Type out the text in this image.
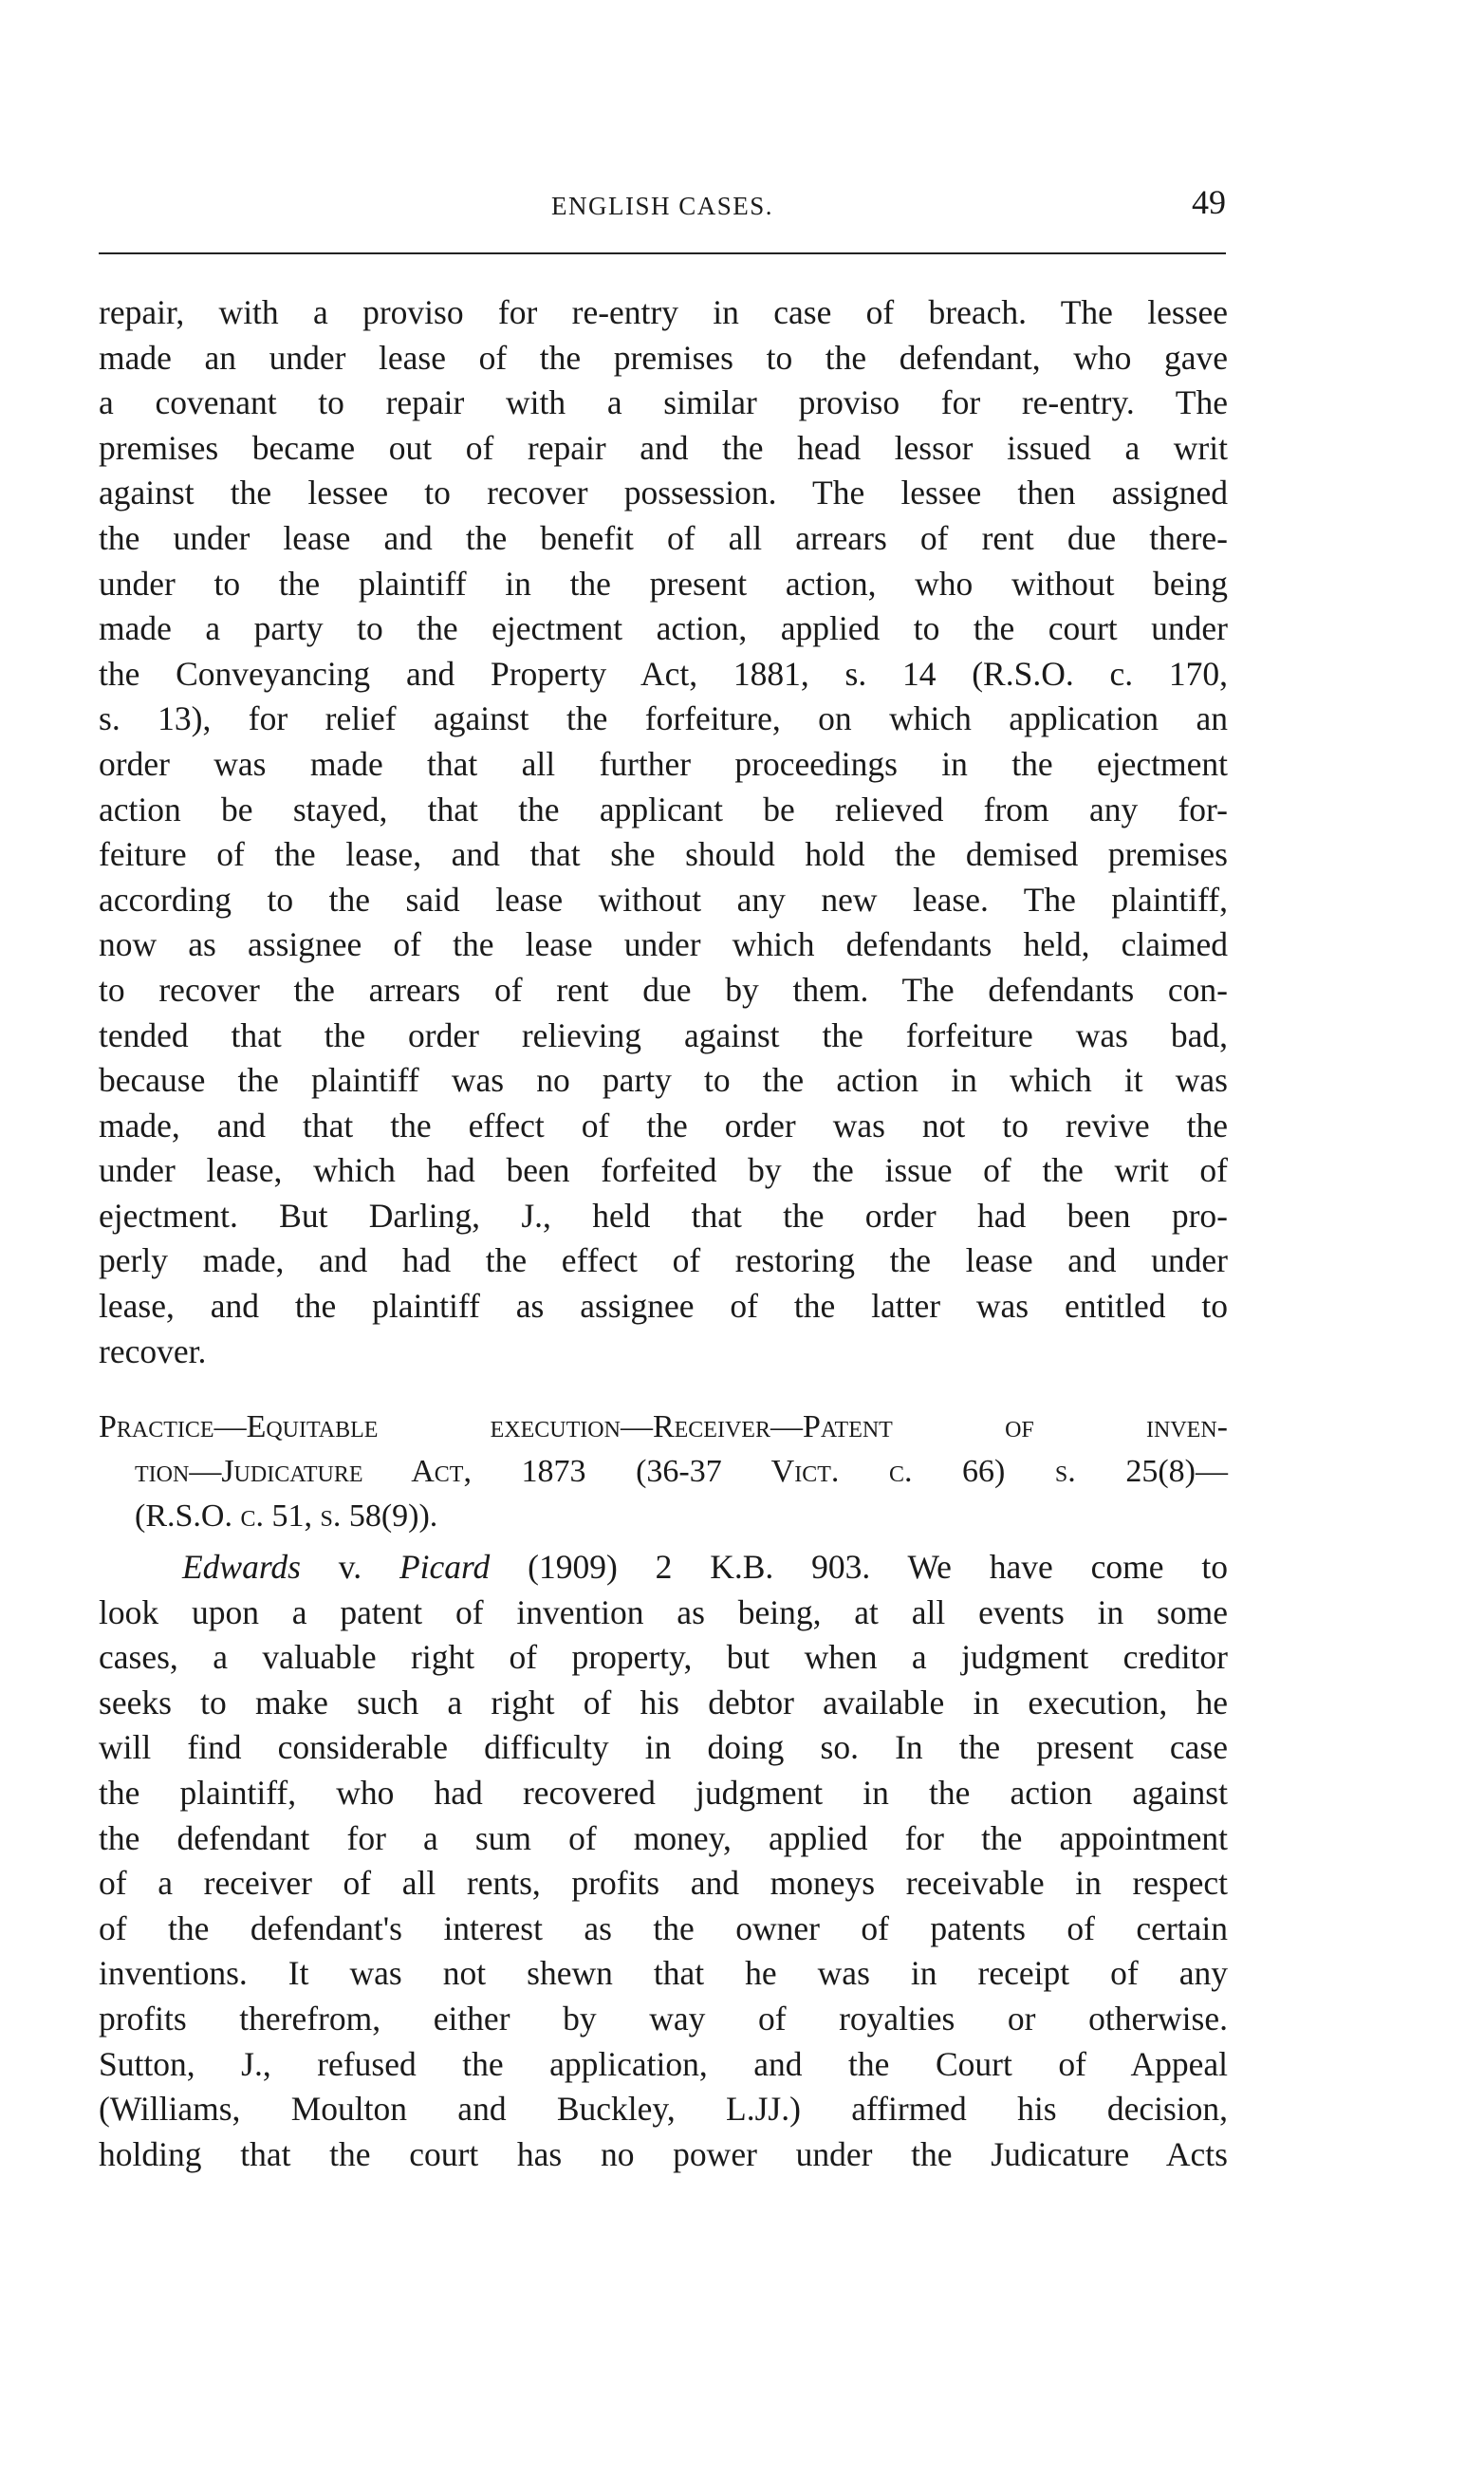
ENGLISH CASES.	49
repair, with a proviso for re-entry in case of breach. The lessee
made an under lease of the premises to the defendant, who gave
a covenant to repair with a similar proviso for re-entry. The
premises became out of repair and the head lessor issued a writ
against the lessee to recover possession. The lessee then assigned
the under lease and the benefit of all arrears of rent due there-
under to the plaintiff in the present action, who without being
made a party to the ejectment action, applied to the court under
the Conveyancing and Property Act, 1881, s. 14 (R.S.O. c. 170,
s. 13), for relief against the forfeiture, on which application an
order was made that all further proceedings in the ejectment
action be stayed, that the applicant be relieved from any for-
feiture of the lease, and that she should hold the demised premises
according to the said lease without any new lease. The plaintiff,
now as assignee of the lease under which defendants held, claimed
to recover the arrears of rent due by them. The defendants con-
tended that the order relieving against the forfeiture was bad,
because the plaintiff was no party to the action in which it was
made, and that the effect of the order was not to revive the
under lease, which had been forfeited by the issue of the writ of
ejectment. But Darling, J., held that the order had been pro-
perly made, and had the effect of restoring the lease and under
lease, and the plaintiff as assignee of the latter was entitled to
recover.
Practice—Equitable execution—Receiver—Patent of inven-
tion—Judicature Act, 1873 (36-37 Vict. c. 66) s. 25(8)—
(R.S.O. c. 51, s. 58(9)).
Edwards v. Picard (1909) 2 K.B. 903. We have come to
look upon a patent of invention as being, at all events in some
cases, a valuable right of property, but when a judgment creditor
seeks to make such a right of his debtor available in execution, he
will find considerable difficulty in doing so. In the present case
the plaintiff, who had recovered judgment in the action against
the defendant for a sum of money, applied for the appointment
of a receiver of all rents, profits and moneys receivable in respect
of the defendant's interest as the owner of patents of certain
inventions. It was not shewn that he was in receipt of any
profits therefrom, either by way of royalties or otherwise.
Sutton, J., refused the application, and the Court of Appeal
(Williams, Moulton and Buckley, L.JJ.) affirmed his decision,
holding that the court has no power under the Judicature Acts
